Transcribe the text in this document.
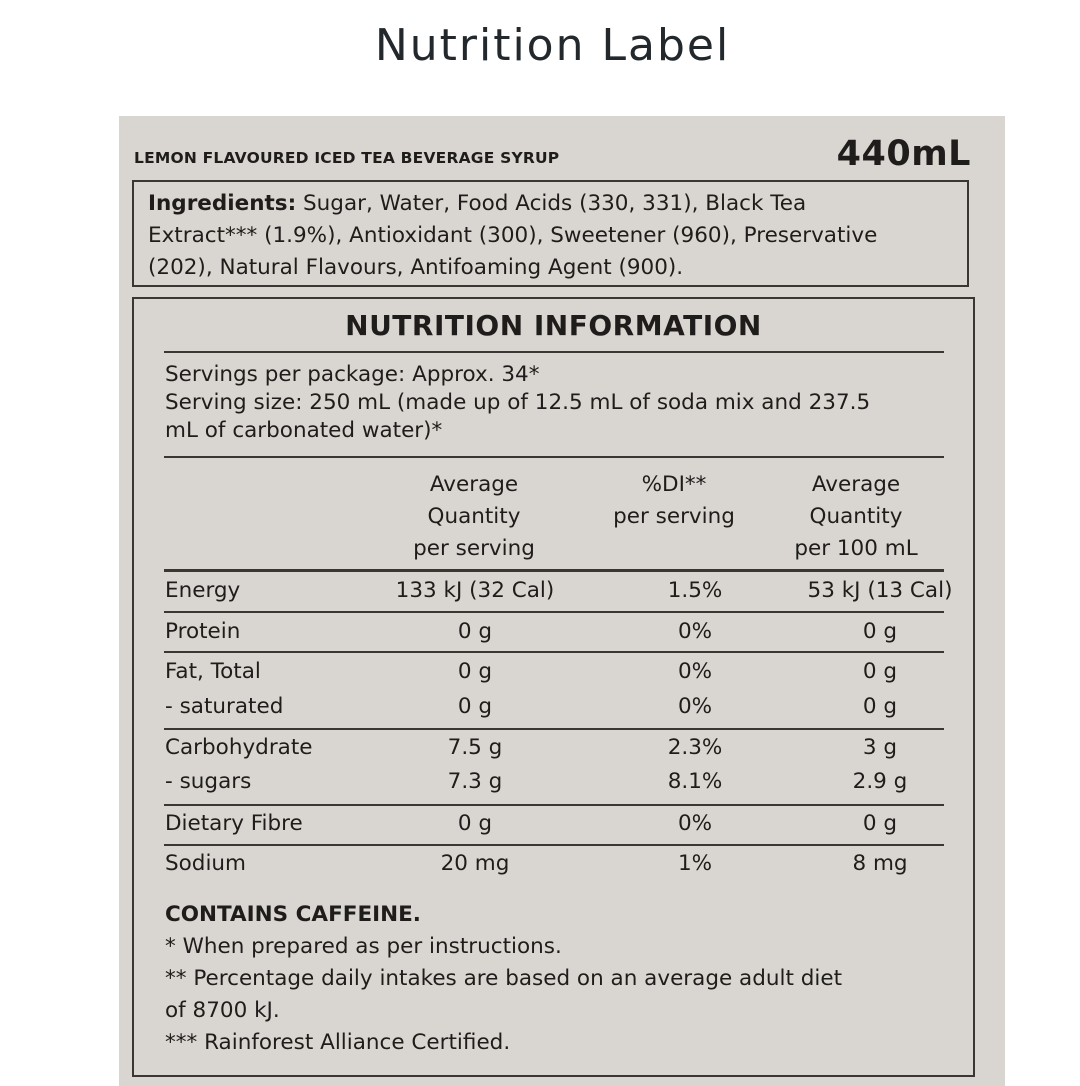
Nutrition Label
LEMON FLAVOURED ICED TEA BEVERAGE SYRUP	440mL
Ingredients: Sugar, Water, Food Acids (330, 331), Black Tea
Extract*** (1.9%), Antioxidant (300), Sweetener (960), Preservative
(202), Natural Flavours, Antifoaming Agent (900).
NUTRITION INFORMATION
Servings per package: Approx. 34*
Serving size: 250 mL (made up of 12.5 mL of soda mix and 237.5
mL of carbonated water)*
Average
Quantity
per serving
%DI**
per serving
Average
Quantity
per 100 mL
Energy	133 kJ (32 Cal)	1.5%	53 kJ (13 Cal)
Protein	0 g	0%	0 g
Fat, Total	0 g	0%	0 g
- saturated	0 g	0%	0 g
Carbohydrate	7.5 g	2.3%	3 g
- sugars	7.3 g	8.1%	2.9 g
Dietary Fibre	0 g	0%	0 g
Sodium	20 mg	1%	8 mg
CONTAINS CAFFEINE.
* When prepared as per instructions.
** Percentage daily intakes are based on an average adult diet
of 8700 kJ.
*** Rainforest Alliance Certified.
